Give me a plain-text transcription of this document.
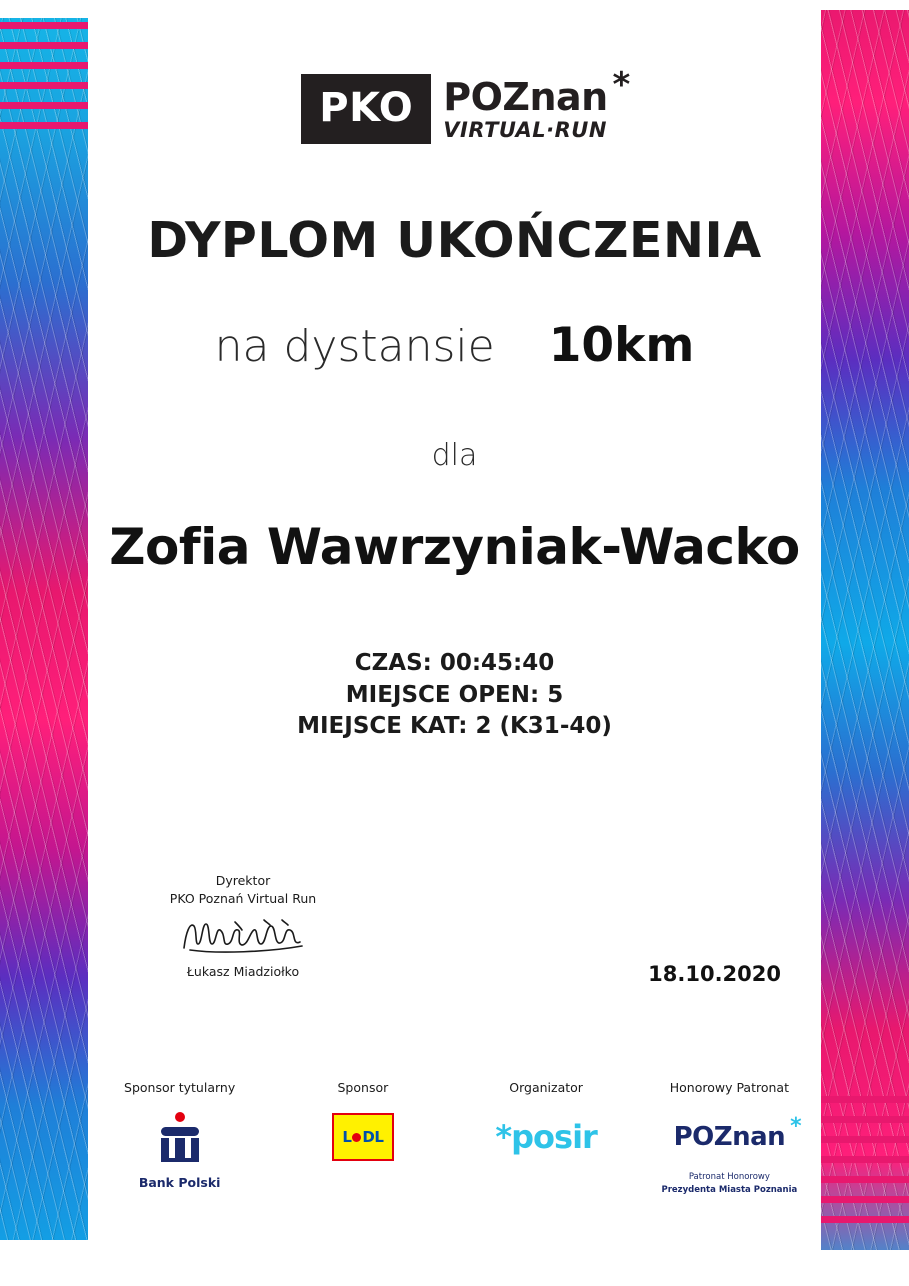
PKO POZnan *
VIRTUAL·RUN
DYPLOM UKOŃCZENIA
na dystansie 10km
dla
Zofia Wawrzyniak-Wacko
CZAS: 00:45:40
MIEJSCE OPEN: 5
MIEJSCE KAT: 2 (K31-40)
Dyrektor
PKO Poznań Virtual Run
Łukasz Miadziołko	18.10.2020
Sponsor tytularny
Bank Polski
Sponsor
L DL
Organizator
*posir
Honorowy Patronat
POZnan *
Patronat Honorowy
Prezydenta Miasta Poznania
